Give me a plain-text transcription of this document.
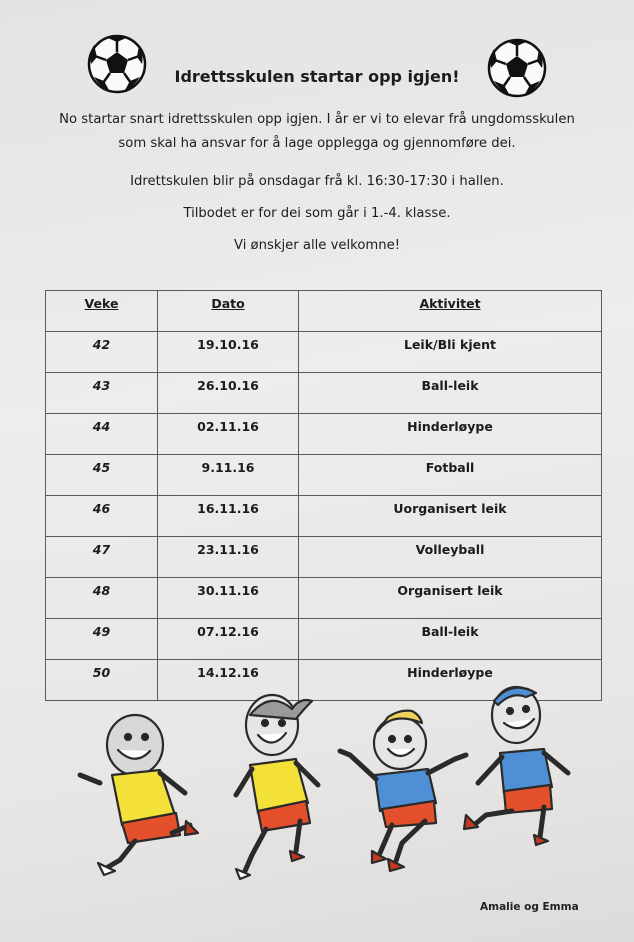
Idrettsskulen startar opp igjen!
No startar snart idrettsskulen opp igjen. I år er vi to elevar frå ungdomsskulen
som skal ha ansvar for å lage opplegga og gjennomføre dei.
Idrettskulen blir på onsdagar frå kl. 16:30-17:30 i hallen.
Tilbodet er for dei som går i 1.-4. klasse.
Vi ønskjer alle velkomne!
Veke	Dato	Aktivitet
42	19.10.16	Leik/Bli kjent
43	26.10.16	Ball-leik
44	02.11.16	Hinderløype
45	9.11.16	Fotball
46	16.11.16	Uorganisert leik
47	23.11.16	Volleyball
48	30.11.16	Organisert leik
49	07.12.16	Ball-leik
50	14.12.16	Hinderløype
Amalie og Emma
